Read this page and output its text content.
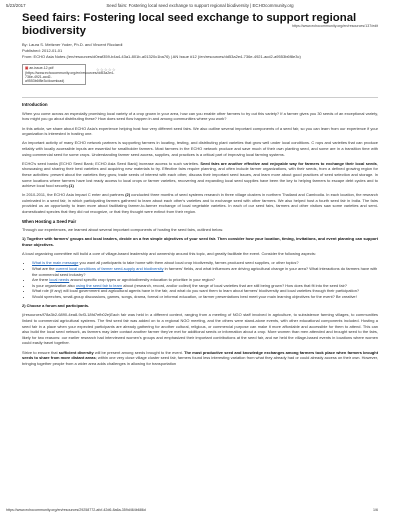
5/23/2017	Seed fairs: Fostering local seed exchange to support regional biodiversity | ECHOcommunity.org
Seed fairs: Fostering local seed exchange to support regional biodiversity	https://www.echocommunity.org/en/resources/137/edit

By: Laura S. Meitzner Yoder, Ph.D. and Vincent Ricciardi

Published: 2012-01-01

From: ECHO Asia Notes (/en/resources/d0eaf359-b4a4-43a1-801b-a01320c1ba76) | AN Issue #12 (/en/resources/dd53a2e4-736e-4921-acd2-a9553b6f8e3c)

▣an-issue-12.pdf (https://www.echocommunity.org/en/resources/dd53a2e4-736e-4921-acd2-a9553b6f8e3c/download)
☆☆☆☆☆
Introduction

When you come across an especially promising local variety of a crop grown in your area, how can you enable other farmers to try out this variety? If a farmer gives you 30 seeds of an exceptional variety, how might you go about distributing these? How does seed flow happen in and among communities where you work?

In this article, we share about ECHO Asia's experience helping host four very different seed fairs. We also outline several important components of a seed fair, so you can learn from our experience if your organization is interested in hosting one.

An important activity of many ECHO network partners is supporting farmers in locating, testing, and distributing plant varieties that grow well under local conditions. C rops and varieties that can produce reliably with locally accessible inputs are essential for smallholder farmers. Most farmers in the ECHO network produce and save much of their own planting seed, and some are in a transition time with using commercial seed for some crops. Understanding farmer seed access, supplies, and practices is a critical part of improving local farming systems.

ECHO's seed banks [ECHO Seed Bank; ECHO Asia Seed Bank] increase access to such varieties. Seed fairs are another effective and enjoyable way for farmers to exchange their local seeds, showcasing and sharing their best varieties and acquiring new materials to try. Effective fairs require planning, and often include farmer organizations, with their seeds, from a defined growing region for these activities: present about the varieties they grow, trade seeds of interest with each other, discuss their important seed issues, and learn more about good practices of seed selection and storage. In some locations where farmers have lost ready access to local crops or farmer varieties, recovering and expanding local seed supplies have been the key to helping farmers to escape debt cycles and to achieve local food security.(1)

In 2010-2011, the ECHO Asia Impact C enter and partners (2) conducted three months of seed systems research in three village clusters in northern Thailand and Cambodia. In each location, the research culminated in a seed fair, in which participating farmers gathered to learn about each other's varieties and to exchange seed with other farmers. We also helped host a fourth seed fair in India. The fairs provided us an opportunity to learn more about facilitating farmer-to-farmer exchange of local vegetable varieties. In each of our seed fairs, farmers and other visitors saw some varieties and semi-domesticated species that they did not recognize, or that they thought were extinct from their region.

When Hosting a Seed Fair

Through our experiences, we learned about several important components of hosting the seed fairs, outlined below.

1) Together with farmers' groups and local leaders, decide on a few simple objectives of your seed fair. Then consider how your location, timing, invitations, and event planning can support those objectives.

A local organizing committee will build a core of village-based leadership and ownership around this topic, and greatly facilitate the event. Consider the following aspects:

• What is the main message you want all participants to take home with them about local crop biodiversity, farmer-produced seed supplies, or other topics?
• What are the current local conditions of farmer seed-supply and biodiversity in farmers' fields, and what influences are driving agricultural change in your area? What interactions do farmers have with the commercial seed industry?
• Are there local needs around specific crop types or agrobiodiversity education to prioritize in your region?
• Is your organization also using the seed fair to learn about (research, record, and/or collect) the range of local varieties that are still being grown? How does that fit into the seed fair?
• What role (if any) will local government and agricultural agents have in the fair, and what do you want them to learn about farmers' biodiversity and local varieties through their participation?
• Would speeches, small-group discussions, games, songs, drama, formal or informal education, or farmer presentations best meet your main learning objectives for the event? Be creative!

2) Choose a forum and participants.

(/resources/f78a3b2-6890-4ea8-9cf3-18fd7efb02e)Each fair was held in a different context, ranging from a meeting of NGO staff involved in agriculture, to subsistence farming villages, to communities linked to commercial agricultural systems. The first seed fair was added on to a regional NGO meeting, and the others were stand-alone events, with other educational components included. Hosting a seed fair in a place when your expected participants are already gathering for another cultural, religious, or commercial purpose can make it more affordable and accessible for them to attend. This can also build the local seed network, as farmers may later contact another farmer they've met for additional seeds or information about a crop. More women than men attended and brought seed to the fairs, likely for two reasons: our earlier research had interviewed women's groups and emphasized their important contributions at the seed fair, and we held the village-based events in locations where women could easily travel together.

Strive to ensure that sufficient diversity will be present among seeds brought to the event. The most productive seed and knowledge exchanges among farmers took place when farmers brought seeds to share from more distant areas; within one very close village cluster seed fair, farmers found less interesting variation from what they already had or could already access on their own. However, bringing together people from a wider area adds challenges in allowing for transportation

https://www.echocommunity.org/en/resources/29258772-afcf-42d6-8a6a-359d464b686d	1/6
